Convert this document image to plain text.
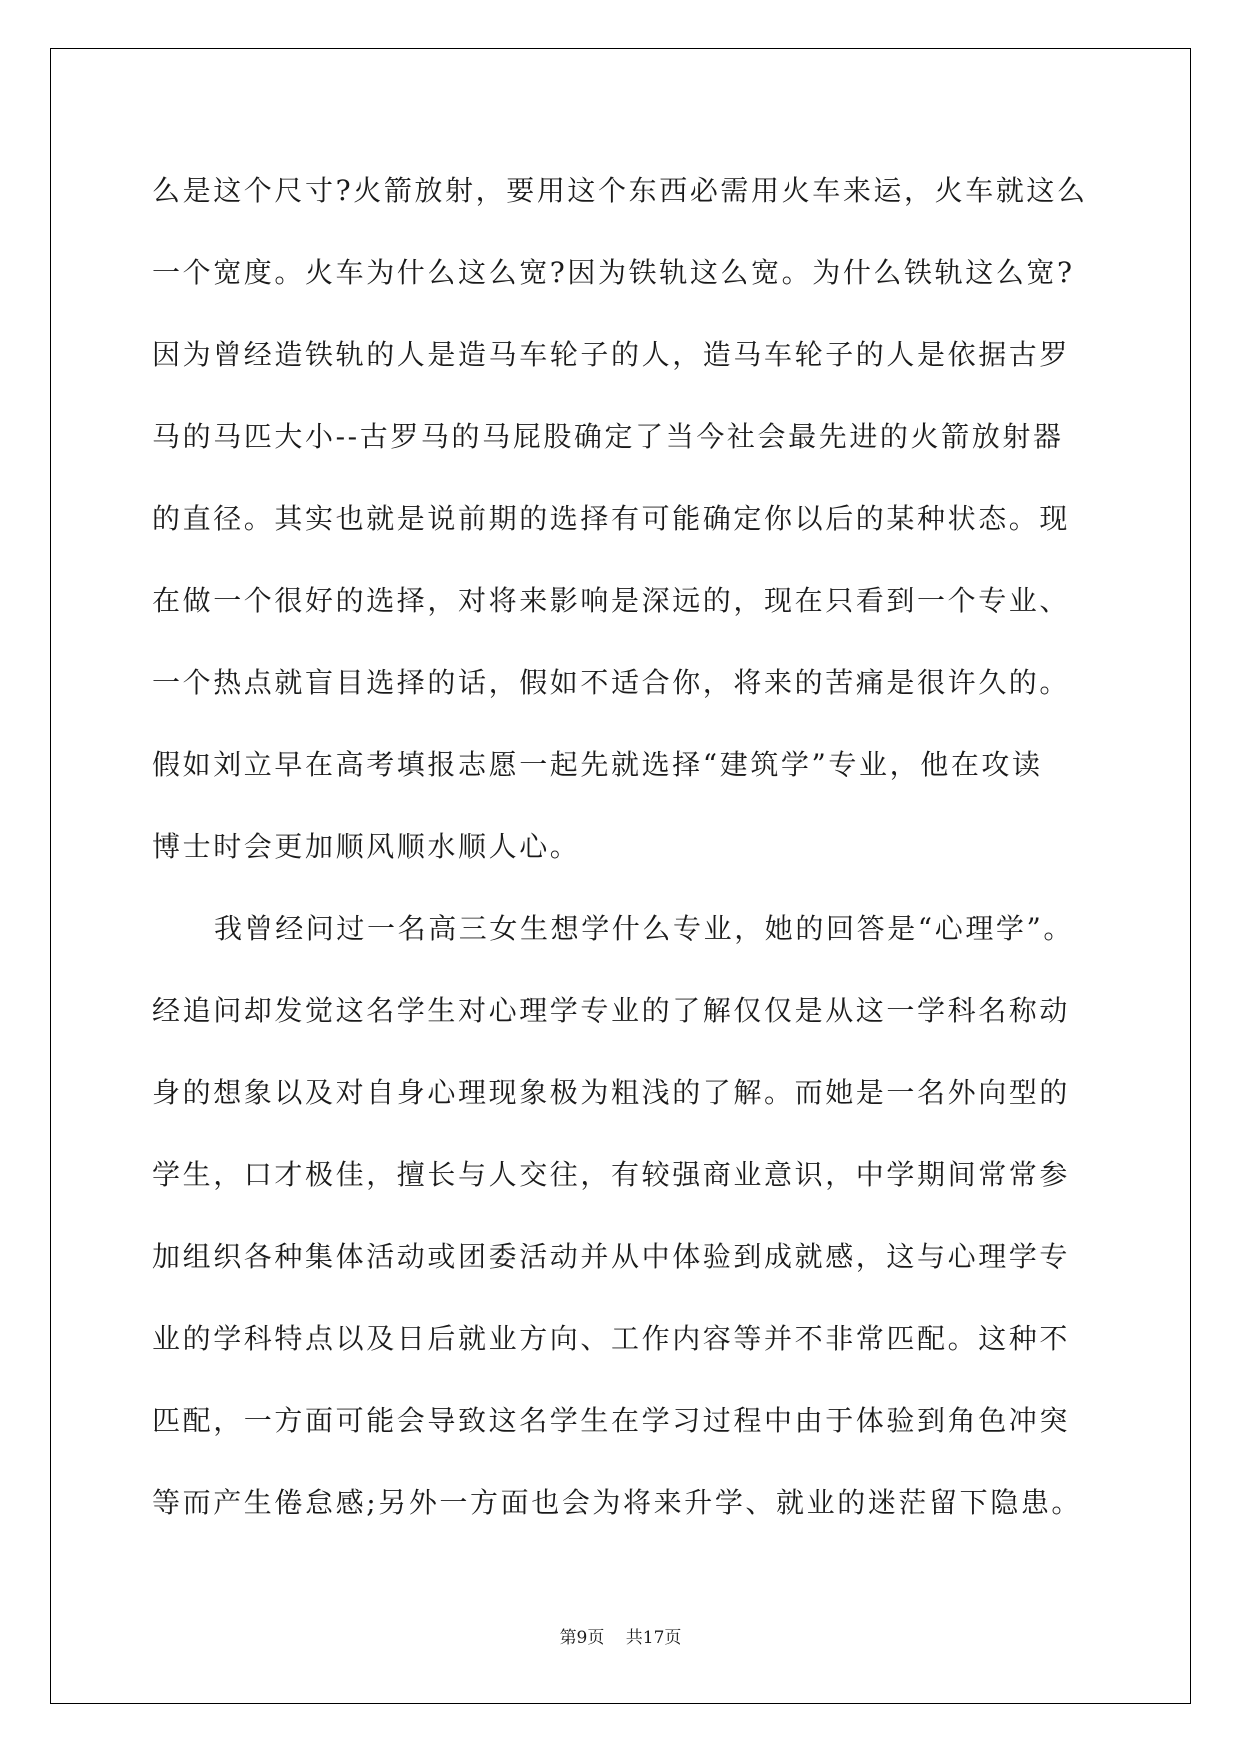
么是这个尺寸?火箭放射，要用这个东西必需用火车来运，火车就这么
一个宽度。火车为什么这么宽?因为铁轨这么宽。为什么铁轨这么宽?
因为曾经造铁轨的人是造马车轮子的人，造马车轮子的人是依据古罗
马的马匹大小--古罗马的马屁股确定了当今社会最先进的火箭放射器
的直径。其实也就是说前期的选择有可能确定你以后的某种状态。现
在做一个很好的选择，对将来影响是深远的，现在只看到一个专业、
一个热点就盲目选择的话，假如不适合你，将来的苦痛是很许久的。
假如刘立早在高考填报志愿一起先就选择“建筑学”专业，他在攻读
博士时会更加顺风顺水顺人心。
我曾经问过一名高三女生想学什么专业，她的回答是“心理学”。
经追问却发觉这名学生对心理学专业的了解仅仅是从这一学科名称动
身的想象以及对自身心理现象极为粗浅的了解。而她是一名外向型的
学生，口才极佳，擅长与人交往，有较强商业意识，中学期间常常参
加组织各种集体活动或团委活动并从中体验到成就感，这与心理学专
业的学科特点以及日后就业方向、工作内容等并不非常匹配。这种不
匹配，一方面可能会导致这名学生在学习过程中由于体验到角色冲突
等而产生倦怠感;另外一方面也会为将来升学、就业的迷茫留下隐患。
第9页 共17页
